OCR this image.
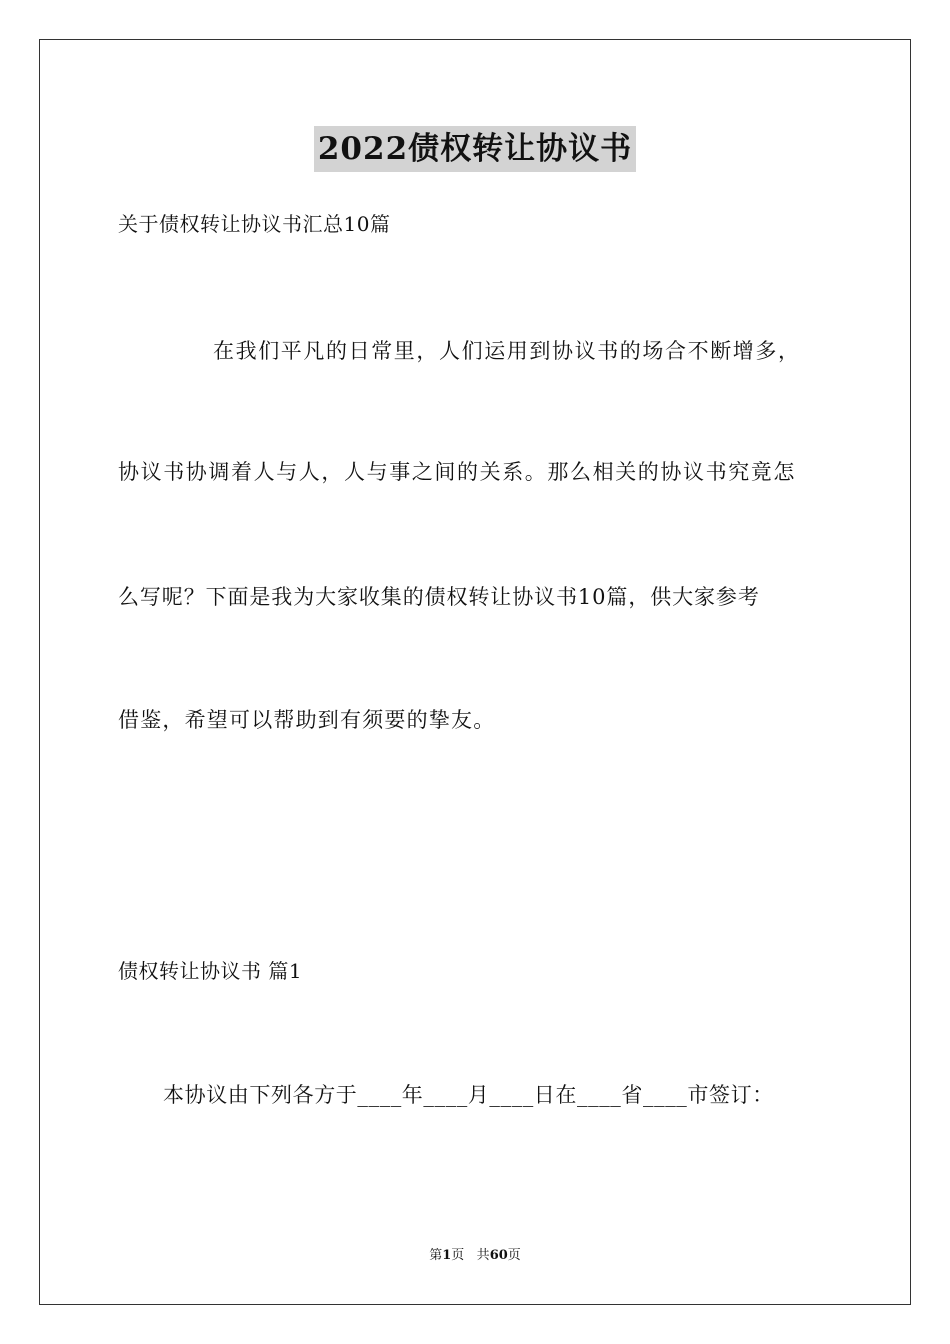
2022债权转让协议书
关于债权转让协议书汇总10篇
在我们平凡的日常里，人们运用到协议书的场合不断增多，
协议书协调着人与人，人与事之间的关系。那么相关的协议书究竟怎
么写呢？下面是我为大家收集的债权转让协议书10篇，供大家参考
借鉴，希望可以帮助到有须要的挚友。
债权转让协议书 篇1
本协议由下列各方于____年____月____日在____省____市签订：
第1页 共60页
